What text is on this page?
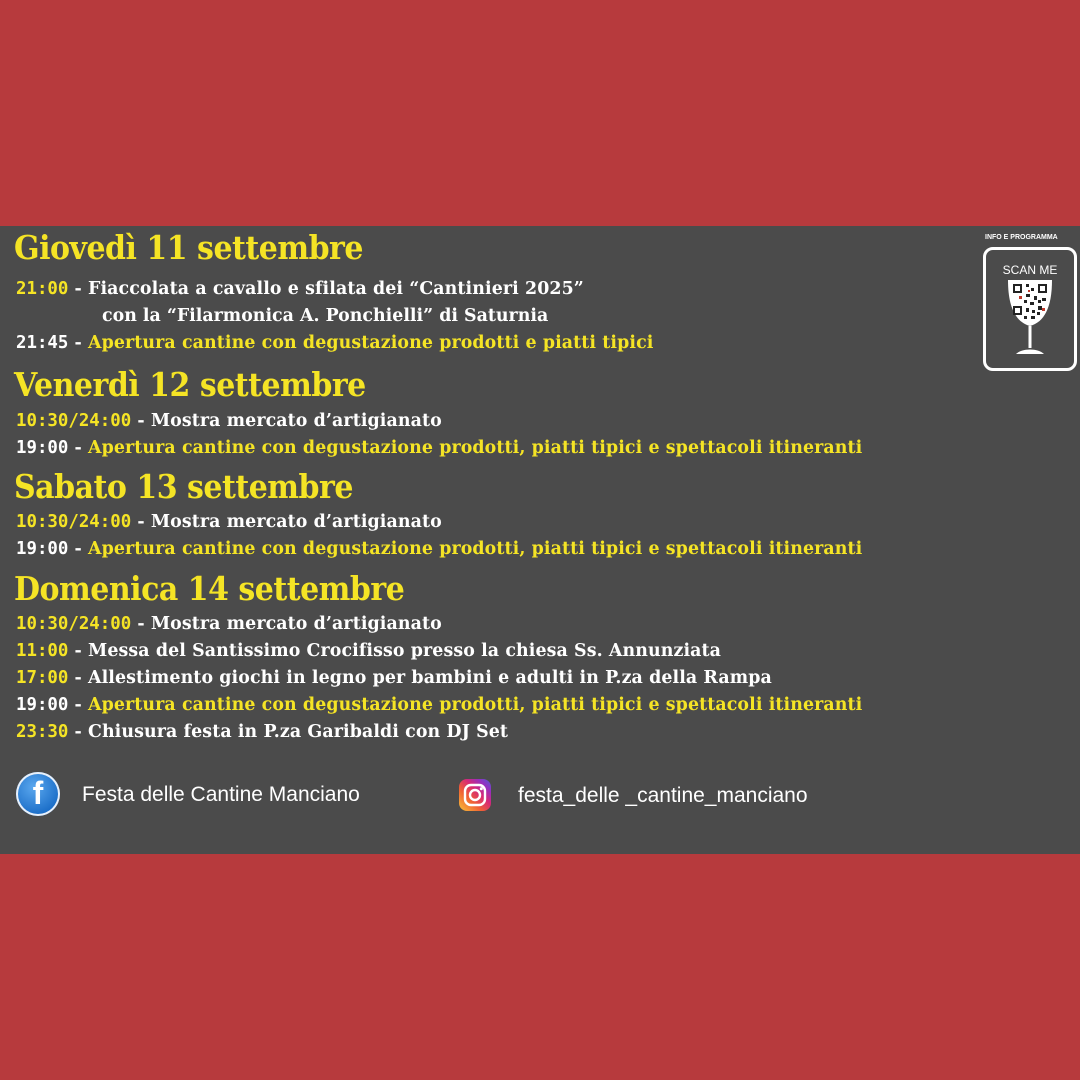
Giovedì 11 settembre
21:00 - Fiaccolata a cavallo e sfilata dei “Cantinieri 2025”
con la “Filarmonica A. Ponchielli” di Saturnia
21:45 - Apertura cantine con degustazione prodotti e piatti tipici
Venerdì 12 settembre
10:30/24:00 - Mostra mercato d’artigianato
19:00 - Apertura cantine con degustazione prodotti, piatti tipici e spettacoli itineranti
Sabato 13 settembre
10:30/24:00 - Mostra mercato d’artigianato
19:00 - Apertura cantine con degustazione prodotti, piatti tipici e spettacoli itineranti
Domenica 14 settembre
10:30/24:00 - Mostra mercato d’artigianato
11:00 - Messa del Santissimo Crocifisso presso la chiesa Ss. Annunziata
17:00 - Allestimento giochi in legno per bambini e adulti in P.za della Rampa
19:00 - Apertura cantine con degustazione prodotti, piatti tipici e spettacoli itineranti
23:30 - Chiusura festa in P.za Garibaldi con DJ Set
INFO E PROGRAMMA
SCAN ME
f	Festa delle Cantine Manciano	festa_delle _cantine_manciano
